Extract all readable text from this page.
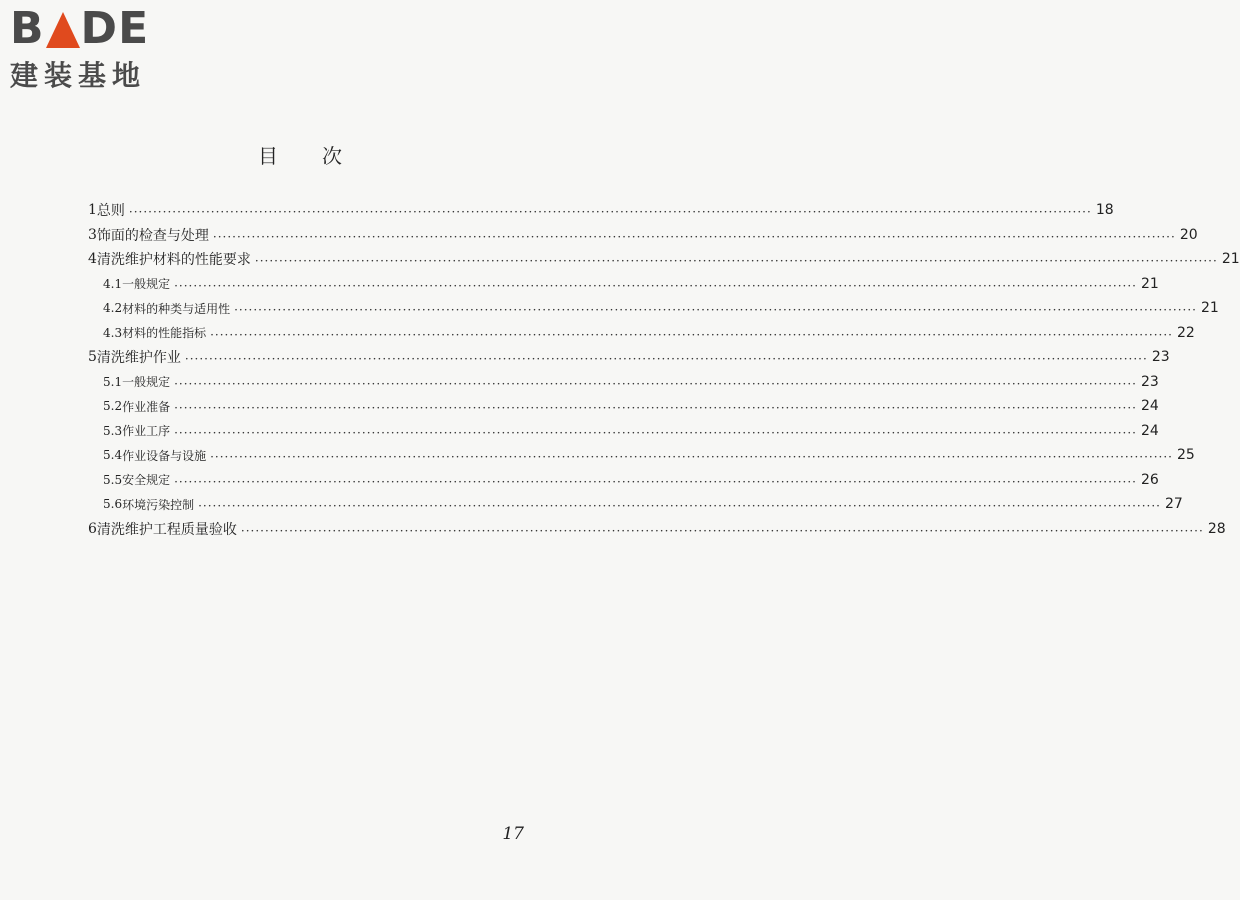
B DE
建装基地
目次
1 总则 ········································································································································································································ 18
3 饰面的检查与处理 ········································································································································································································ 20
4 清洗维护材料的性能要求 ········································································································································································································ 21
4.1 一般规定 ········································································································································································································ 21
4.2 材料的种类与适用性 ········································································································································································································ 21
4.3 材料的性能指标 ········································································································································································································ 22
5 清洗维护作业 ········································································································································································································ 23
5.1 一般规定 ········································································································································································································ 23
5.2 作业准备 ········································································································································································································ 24
5.3 作业工序 ········································································································································································································ 24
5.4 作业设备与设施 ········································································································································································································ 25
5.5 安全规定 ········································································································································································································ 26
5.6 环境污染控制 ········································································································································································································ 27
6 清洗维护工程质量验收 ········································································································································································································ 28
17
